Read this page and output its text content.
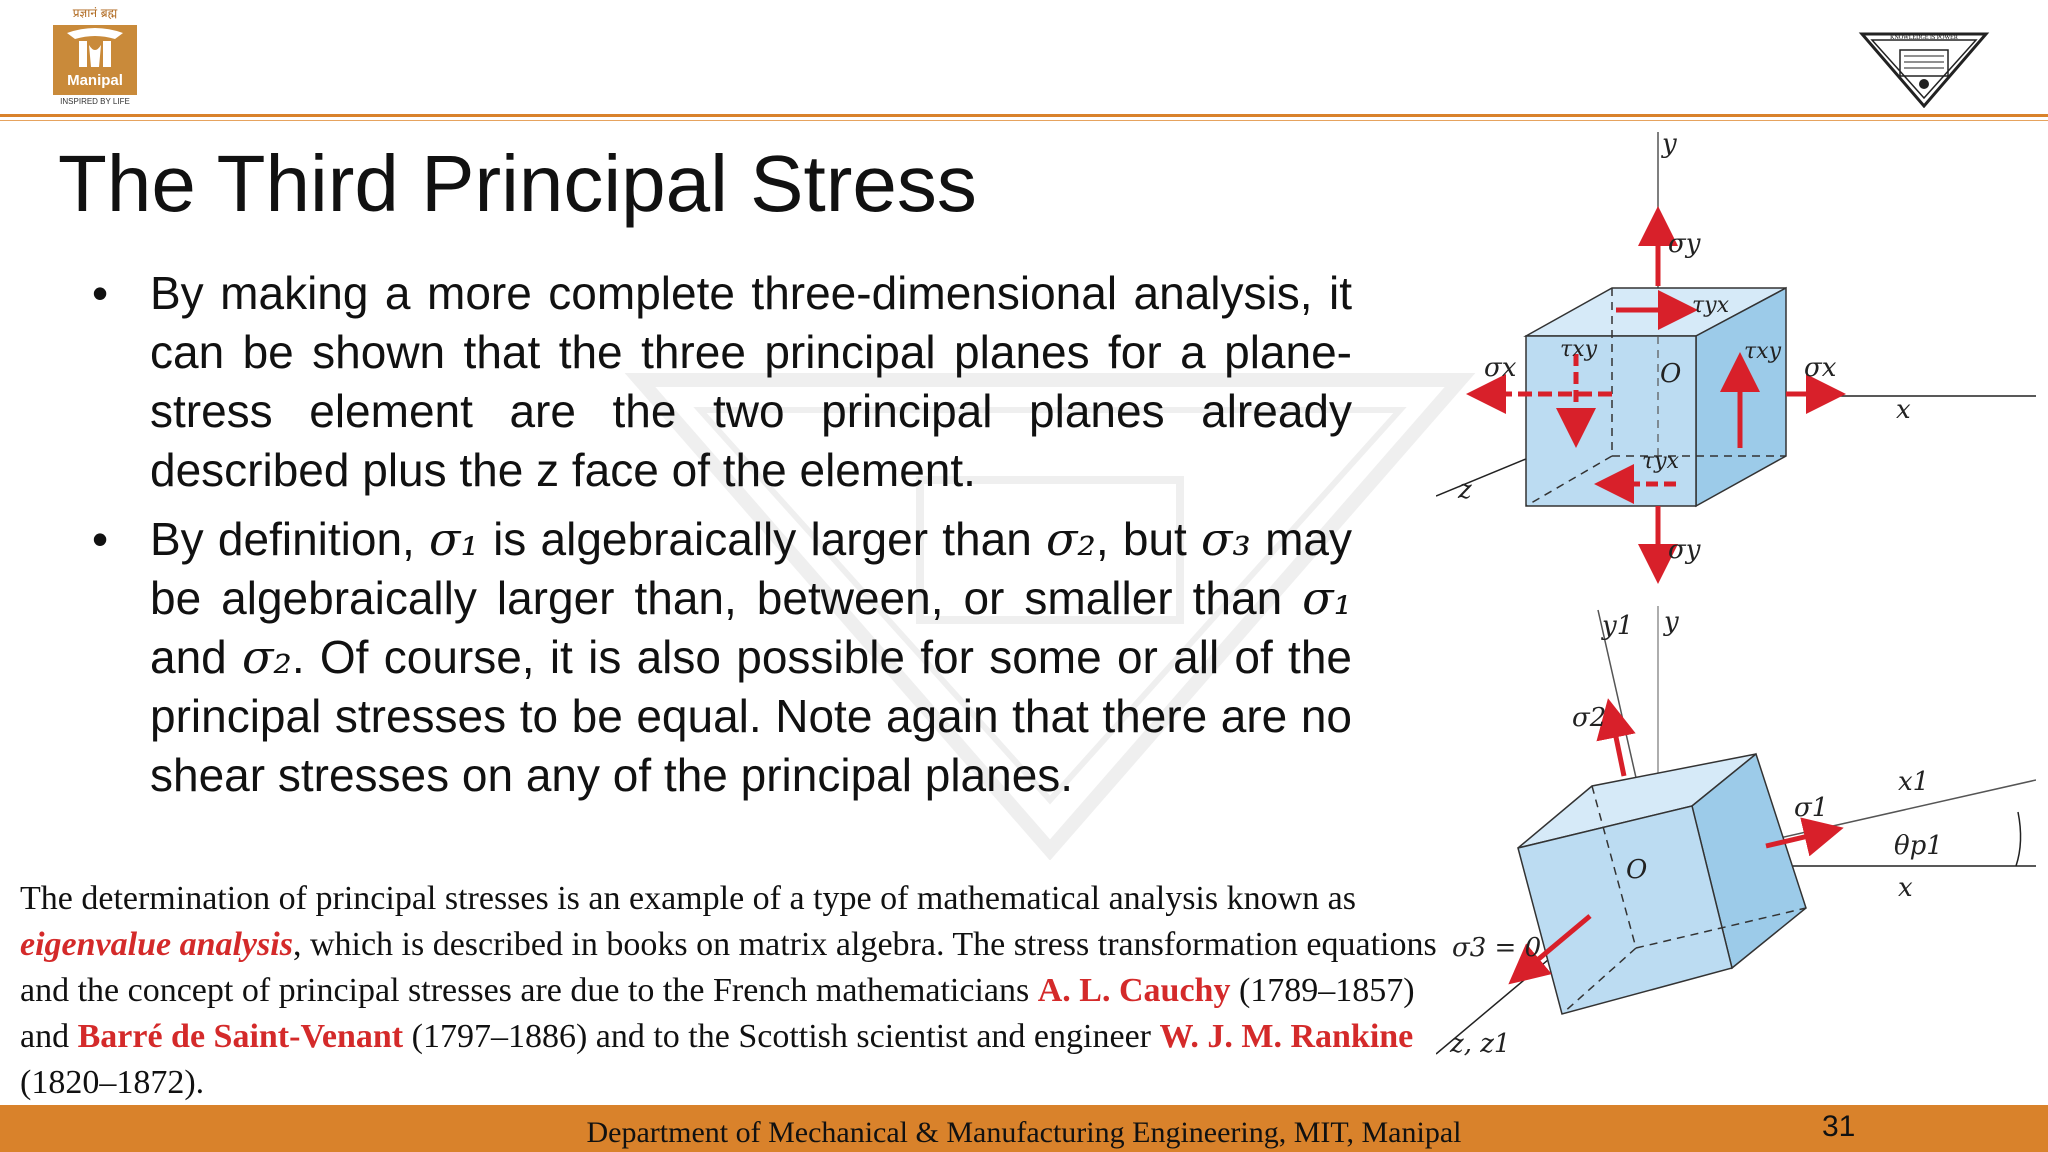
प्रज्ञानं ब्रह्म
Manipal
INSPIRED BY LIFE
KNOWLEDGE IS POWER
The Third Principal Stress
• By making a more complete three-dimensional analysis, it can be shown that the three principal planes for a plane-stress element are the two principal planes already described plus the z face of the element.
• By definition, σ₁ is algebraically larger than σ₂, but σ₃ may be algebraically larger than, between, or smaller than σ₁ and σ₂. Of course, it is also possible for some or all of the principal stresses to be equal. Note again that there are no shear stresses on any of the principal planes.
The determination of principal stresses is an example of a type of mathematical analysis known as eigenvalue analysis, which is described in books on matrix algebra. The stress transformation equations and the concept of principal stresses are due to the French mathematicians A. L. Cauchy (1789–1857) and Barré de Saint-Venant (1797–1886) and to the Scottish scientist and engineer W. J. M. Rankine (1820–1872).
y
σy
τyx
τxy	τxy
σx	σx
O
x
τyx
z
σy
y1 y
σ2
σ1
x1
θp1
O
x
σ3 = 0
z, z1
Department of Mechanical & Manufacturing Engineering, MIT, Manipal	31
